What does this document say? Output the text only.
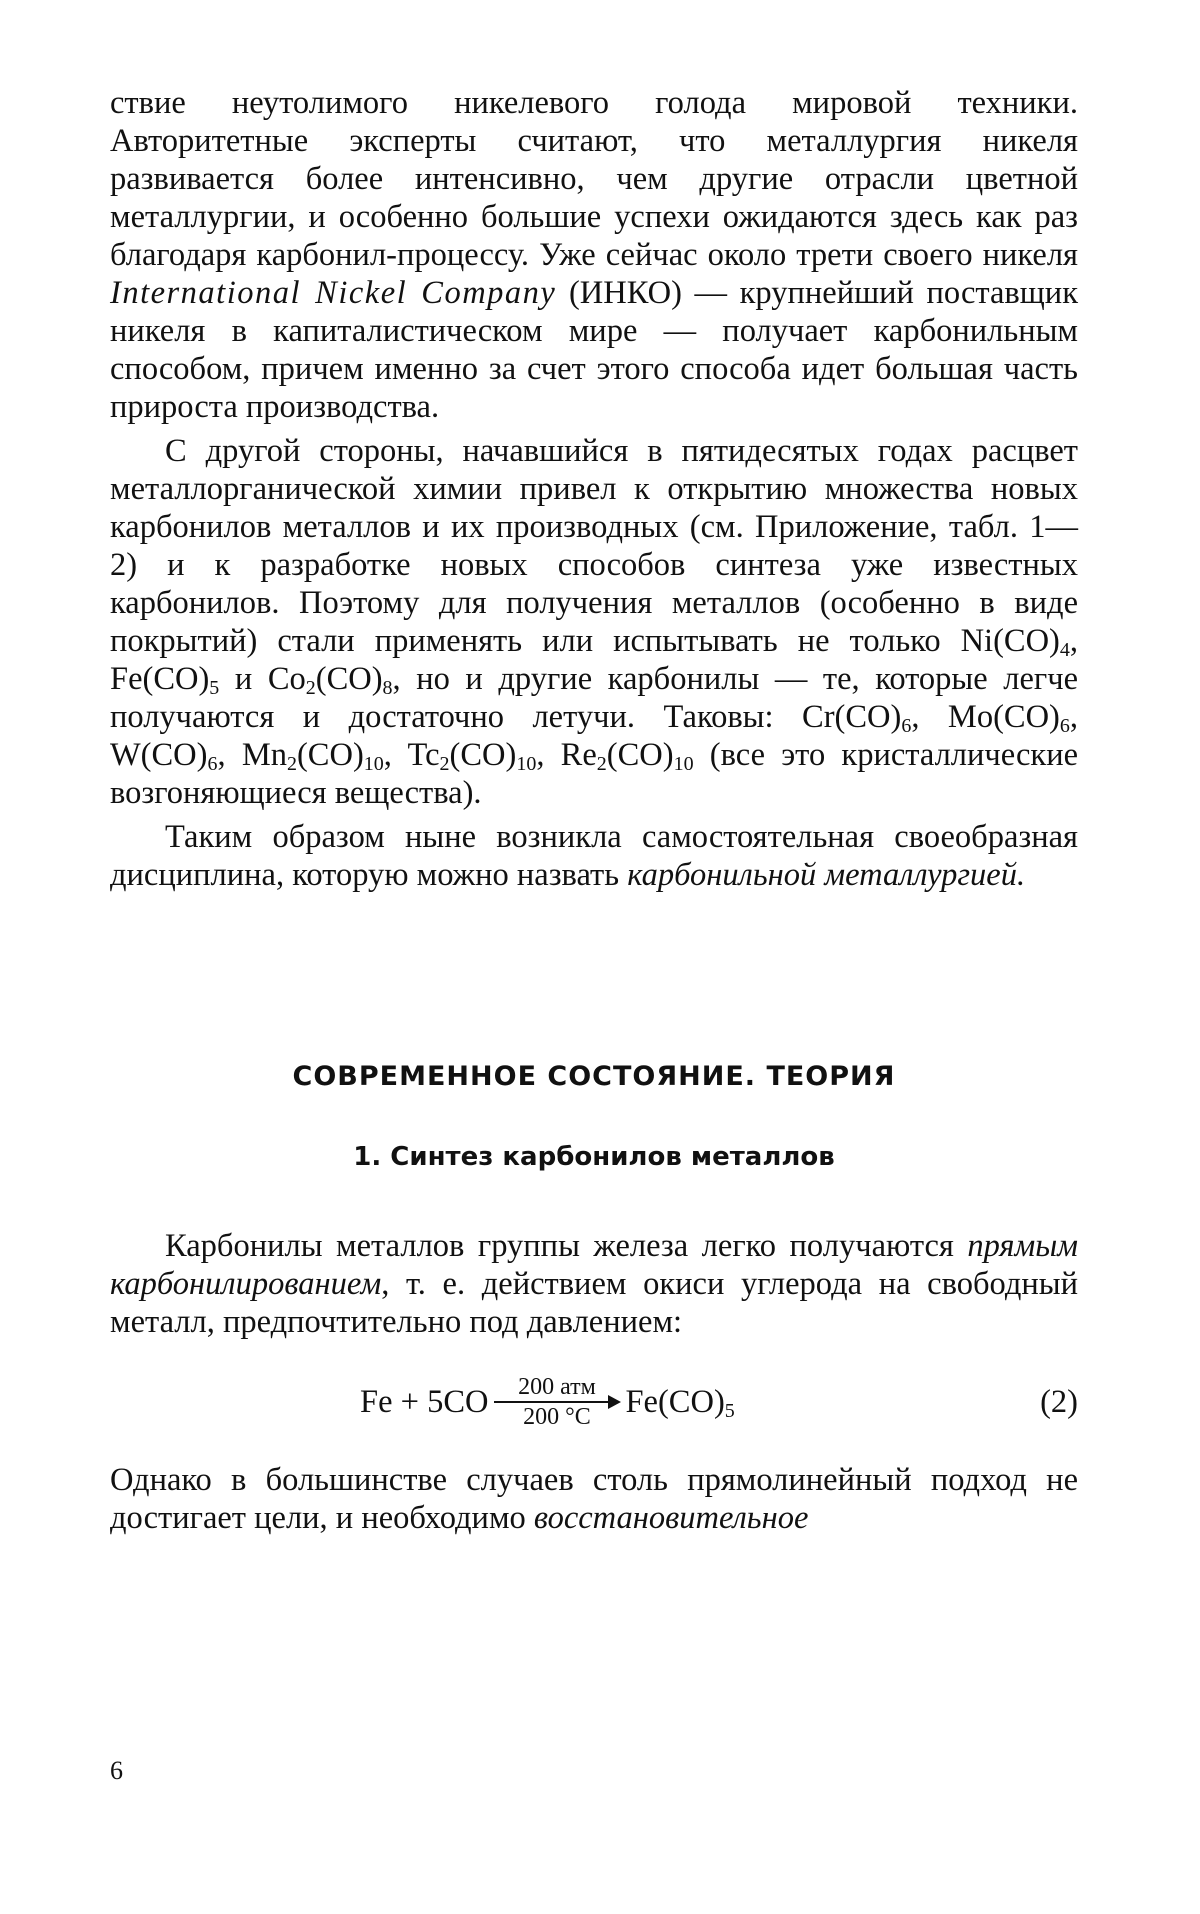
ствие неутолимого никелевого голода мировой техники. Авторитетные эксперты считают, что металлургия никеля развивается более интенсивно, чем другие отрасли цветной металлургии, и особенно большие успехи ожидаются здесь как раз благодаря карбонил-процессу. Уже сейчас около трети своего никеля International Nickel Company (ИНКО) — крупнейший поставщик никеля в капиталистическом мире — получает карбонильным способом, причем именно за счет этого способа идет большая часть прироста производства.

С другой стороны, начавшийся в пятидесятых годах расцвет металлорганической химии привел к открытию множества новых карбонилов металлов и их производных (см. Приложение, табл. 1—2) и к разработке новых способов синтеза уже известных карбонилов. Поэтому для получения металлов (особенно в виде покрытий) стали применять или испытывать не только $Ni(CO)_4$, $Fe(CO)_5$ и $Co_2(CO)_8$, но и другие карбонилы — те, которые легче получаются и достаточно летучи. Таковы: $Cr(CO)_6$, $Mo(CO)_6$, $W(CO)_6$, $Mn_2(CO)_{10}$, $Tc_2(CO)_{10}$, $Re_2(CO)_{10}$ (все это кристаллические возгоняющиеся вещества).

Таким образом ныне возникла самостоятельная своеобразная дисциплина, которую можно назвать карбонильной металлургией.

СОВРЕМЕННОЕ СОСТОЯНИЕ. ТЕОРИЯ
1. Синтез карбонилов металлов

Карбонилы металлов группы железа легко получаются прямым карбонилированием, т. е. действием окиси углерода на свободный металл, предпочтительно под давлением:

Fe + 5CO 200 атм
200 °C $Fe(CO)_5$	(2)

Однако в большинстве случаев столь прямолинейный подход не достигает цели, и необходимо восстановительное

6
